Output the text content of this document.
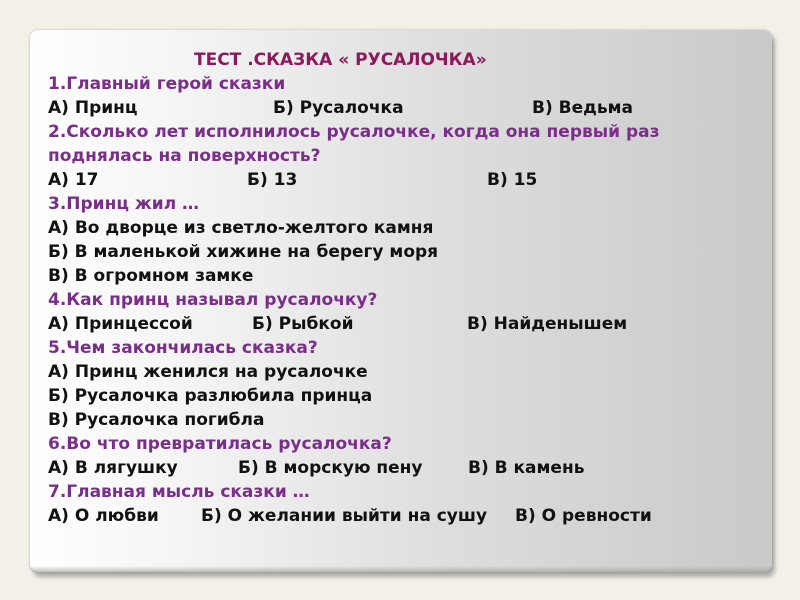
ТЕСТ .СКАЗКА « РУСАЛОЧКА»
1.Главный герой сказки
А) Принц	Б) Русалочка	В) Ведьма
2.Сколько лет исполнилось русалочке, когда она первый раз
поднялась на поверхность?
А) 17	Б) 13	В) 15
3.Принц жил …
А) Во дворце из светло-желтого камня
Б) В маленькой хижине на берегу моря
В) В огромном замке
4.Как принц называл русалочку?
А) Принцессой	Б) Рыбкой	В) Найденышем
5.Чем закончилась сказка?
А) Принц женился на русалочке
Б) Русалочка разлюбила принца
В) Русалочка погибла
6.Во что превратилась русалочка?
А) В лягушку	Б) В морскую пену	В) В камень
7.Главная мысль сказки …
А) О любви Б) О желании выйти на сушу В) О ревности
